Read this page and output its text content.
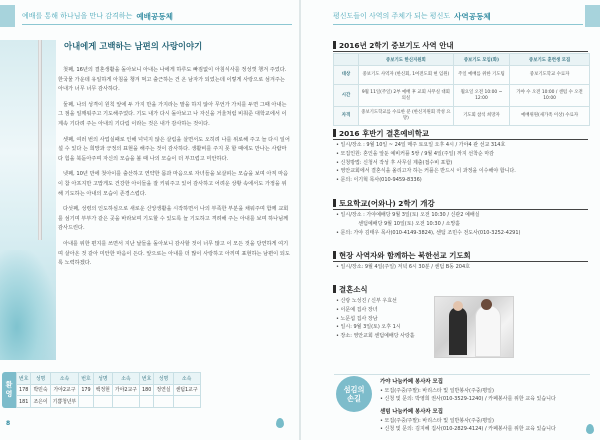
예배를 통해 하나님을 만나 감격하는 예배공동체
아내에게 고백하는 남편의 사랑이야기

첫째, 16년의 결혼생활을 돌아보니 아내는 나에게 하루도 빠짐없이 아침식사를 정성껏 챙겨 주었다. 한국물 가운데 유일하게 아침을 챙겨 먹고 출근하는 건 온 남자가 되었는데 이렇게 사랑으로 섬겨주는 아내가 너무 너무 감사하다.

둘째, 나의 성격이 원칙 앞에 두 가지 만을 가지라는 말을 하지 않아 무언가 가치를 두면 그때 아내는 그 점을 일깨워주고 기도해주었다. 기도 내가 다시 돌아보고 나 자신을 거울처럼 비춰준 대학교에서 이 계속 기다려 주는 아내의 기다림 이라는 것은 내가 감사하는 것이다.

셋째, 여러 번의 사업실패로 인해 넉넉지 않은 살림을 살면서도 오히려 나를 위로해 주고 늘 다시 일어설 수 있다 는 희망과 긍정의 표현을 해주는 것이 감사하다. 생활비를 주지 못 할 때에도 만나는 사람마다 힘을 북돋아주며 자신의 모습을 볼 때 나의 모습이 더 부끄럽고 미안하다.

넷째, 10년 만에 첫아이를 출산하고 연약한 몸과 마음으로 자녀들을 보살피는 모습을 보며 아직 마음이 참 아프지만 고맙게도 건강한 아이들을 잘 키워주고 있어 감사하고 어려운 상황 속에서도 가정을 위해 기도하는 아내의 모습이 존경스럽다.

다섯째, 성령의 인도하심으로 새로운 신앙생활을 시작하면서 나의 부족한 부분을 채워주며 함께 교회를 섬기며 부부가 같은 곳을 바라보며 기도할 수 있도록 늘 기도하고 격려해 주는 아내를 보며 하나님께 감사드린다.

아내를 위한 편지를 쓰면서 지난 날들을 돌아보니 감사할 것이 너무 많고 이 모든 것을 당연하게 여기며 살아온 것 같아 미안한 마음이 든다. 앞으로는 아내를 더 많이 사랑하고 아끼며 표현하는 남편이 되도록 노력하겠다.

환
영
번호	성명	소속	번호	성명	소속	번호	성명	소속
178	박민숙	가야2교구	179	백정현	가야2교구	180	정연실	센텀1교구
181	조은이	기쁨청년부						
8
평신도들이 사역의 주체가 되는 평신도 사역공동체
2016년 2학기 중보기도 사역 안내
	중보기도 한신지원회	중보기도 모임(화)	중보기도 훈련생 모집
대상	중보기도 사역자 (한신회, 1여전도회 현 임원)	주일 예배를 위한 기도팀	중보기도학교 수료자
시간	9월 11일(주일) 2부 예배 후 교회 사무실 대회의실	월요일 오전 10:00 ~ 12:00	가야 수 오전 10:00 / 센텀 수 오전 10:00
자격	중보기도학교를 수료한 분 (한신지원회 작성 요망)	기도회 참석 희망자	예배위원(새가족 이상) 수료자
2016 후반기 결혼예비학교
• 일시/장소 : 9월 10일 ~ 24일 매주 토요일 오후 4시 / 가야4 관 선교 314호
• 모집인원: 혼인을 앞둔 예비커플 5쌍 / 9월 4일(주일) 까지 선착순 마감
• 신청방법: 신청서 작성 후 사무실 제출(접수비 포함)
• 영안교회에서 결혼식을 올리고자 하는 커플은 반드시 이 과정을 이수해야 합니다.
• 문의: 이기혁 목사(010-9459-8336)
토요학교(어와나) 2학기 개강
• 일시/장소 : 가야예배당 9월 3일(토) 오전 10:30 / 신관2 예배실
센텀예배당 9월 10일(토) 오전 10:30 / 소망홀
• 문의: 가야 김태우 목사(010-4149-3824), 센텀 조민수 전도사(010-3252-4291)
현장 사역자와 함께하는 북한선교 기도회
• 일시/장소: 9월 4일(주일) 저녁 6시 30분 / 센텀 B동 204호
결혼소식
• 신랑 노성진 / 신부 우효선
• 이문예 집사 장녀
• 노문섭 집사 장남
• 일시: 9월 3일(토) 오후 1시
• 장소: 영안교회 센텀예배당 사랑홀
섬김의
손길
가야 나눔카페 봉사자 모집
• 모집(주중/주말): 바리스타 및 일반봉사(주중/평일)
• 신청 및 문의: 박영희 권사(010-3529-1240) / 카페봉사를 위한 교육 있습니다
센텀 나눔카페 봉사자 모집
• 모집(주중/주말): 바리스타 및 일반봉사(주중/평일)
• 신청 및 문의: 김지혜 집사(010-2829-4124) / 카페봉사를 위한 교육 있습니다
